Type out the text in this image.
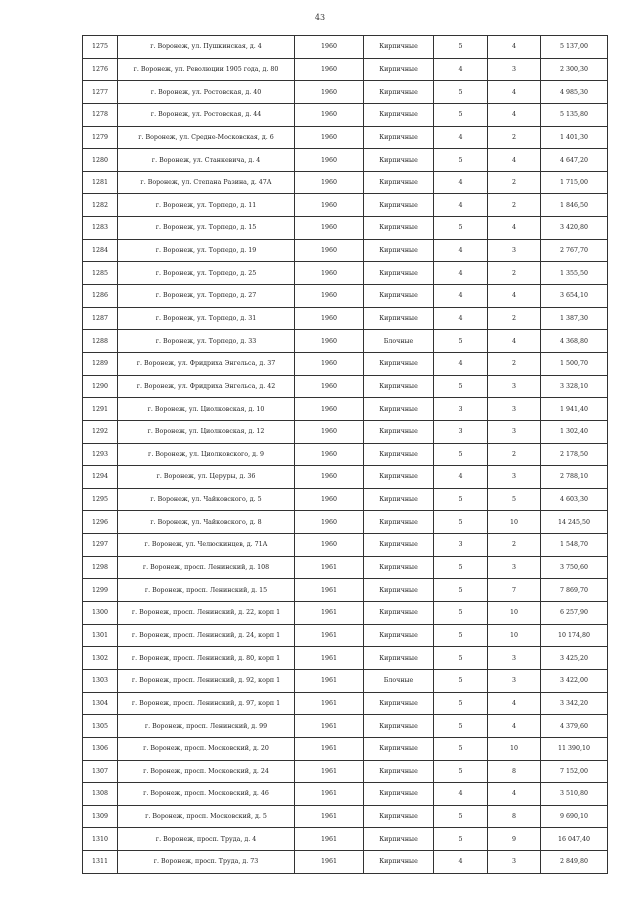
43
1275	г. Воронеж, ул. Пушкинская, д. 4	1960	Кирпичные	5	4	5 137,00
1276	г. Воронеж, ул. Революции 1905 года, д. 80	1960	Кирпичные	4	3	2 300,30
1277	г. Воронеж, ул. Ростовская, д. 40	1960	Кирпичные	5	4	4 985,30
1278	г. Воронеж, ул. Ростовская, д. 44	1960	Кирпичные	5	4	5 135,80
1279	г. Воронеж, ул. Средне-Московская, д. 6	1960	Кирпичные	4	2	1 401,30
1280	г. Воронеж, ул. Станкевича, д. 4	1960	Кирпичные	5	4	4 647,20
1281	г. Воронеж, ул. Степана Разина, д. 47А	1960	Кирпичные	4	2	1 715,00
1282	г. Воронеж, ул. Торпедо, д. 11	1960	Кирпичные	4	2	1 846,50
1283	г. Воронеж, ул. Торпедо, д. 15	1960	Кирпичные	5	4	3 420,80
1284	г. Воронеж, ул. Торпедо, д. 19	1960	Кирпичные	4	3	2 767,70
1285	г. Воронеж, ул. Торпедо, д. 25	1960	Кирпичные	4	2	1 355,50
1286	г. Воронеж, ул. Торпедо, д. 27	1960	Кирпичные	4	4	3 654,10
1287	г. Воронеж, ул. Торпедо, д. 31	1960	Кирпичные	4	2	1 387,30
1288	г. Воронеж, ул. Торпедо, д. 33	1960	Блочные	5	4	4 368,80
1289	г. Воронеж, ул. Фридриха Энгельса, д. 37	1960	Кирпичные	4	2	1 500,70
1290	г. Воронеж, ул. Фридриха Энгельса, д. 42	1960	Кирпичные	5	3	3 328,10
1291	г. Воронеж, ул. Циолковская, д. 10	1960	Кирпичные	3	3	1 941,40
1292	г. Воронеж, ул. Циолковская, д. 12	1960	Кирпичные	3	3	1 302,40
1293	г. Воронеж, ул. Циолковского, д. 9	1960	Кирпичные	5	2	2 178,50
1294	г. Воронеж, ул. Церуры, д. 36	1960	Кирпичные	4	3	2 788,10
1295	г. Воронеж, ул. Чайковского, д. 5	1960	Кирпичные	5	5	4 603,30
1296	г. Воронеж, ул. Чайковского, д. 8	1960	Кирпичные	5	10	14 245,50
1297	г. Воронеж, ул. Челюскинцев, д. 71А	1960	Кирпичные	3	2	1 548,70
1298	г. Воронеж, просп. Ленинский, д. 108	1961	Кирпичные	5	3	3 750,60
1299	г. Воронеж, просп. Ленинский, д. 15	1961	Кирпичные	5	7	7 869,70
1300	г. Воронеж, просп. Ленинский, д. 22, корп 1	1961	Кирпичные	5	10	6 257,90
1301	г. Воронеж, просп. Ленинский, д. 24, корп 1	1961	Кирпичные	5	10	10 174,80
1302	г. Воронеж, просп. Ленинский, д. 80, корп 1	1961	Кирпичные	5	3	3 425,20
1303	г. Воронеж, просп. Ленинский, д. 92, корп 1	1961	Блочные	5	3	3 422,00
1304	г. Воронеж, просп. Ленинский, д. 97, корп 1	1961	Кирпичные	5	4	3 342,20
1305	г. Воронеж, просп. Ленинский, д. 99	1961	Кирпичные	5	4	4 379,60
1306	г. Воронеж, просп. Московский, д. 20	1961	Кирпичные	5	10	11 390,10
1307	г. Воронеж, просп. Московский, д. 24	1961	Кирпичные	5	8	7 152,00
1308	г. Воронеж, просп. Московский, д. 46	1961	Кирпичные	4	4	3 510,80
1309	г. Воронеж, просп. Московский, д. 5	1961	Кирпичные	5	8	9 690,10
1310	г. Воронеж, просп. Труда, д. 4	1961	Кирпичные	5	9	16 047,40
1311	г. Воронеж, просп. Труда, д. 73	1961	Кирпичные	4	3	2 849,80
